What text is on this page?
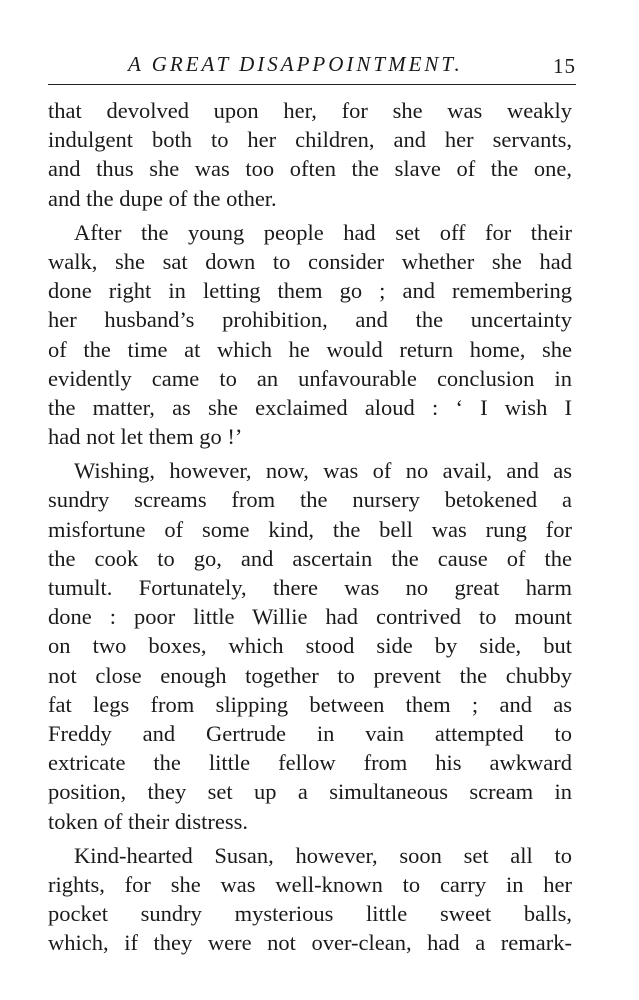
A GREAT DISAPPOINTMENT.	15
that devolved upon her, for she was weakly
indulgent both to her children, and her servants,
and thus she was too often the slave of the one,
and the dupe of the other.
After the young people had set off for their
walk, she sat down to consider whether she had
done right in letting them go ; and remembering
her husband’s prohibition, and the uncertainty
of the time at which he would return home, she
evidently came to an unfavourable conclusion in
the matter, as she exclaimed aloud : ‘ I wish I
had not let them go !’
Wishing, however, now, was of no avail, and as
sundry screams from the nursery betokened a
misfortune of some kind, the bell was rung for
the cook to go, and ascertain the cause of the
tumult. Fortunately, there was no great harm
done : poor little Willie had contrived to mount
on two boxes, which stood side by side, but
not close enough together to prevent the chubby
fat legs from slipping between them ; and as
Freddy and Gertrude in vain attempted to
extricate the little fellow from his awkward
position, they set up a simultaneous scream in
token of their distress.
Kind-hearted Susan, however, soon set all to
rights, for she was well-known to carry in her
pocket sundry mysterious little sweet balls,
which, if they were not over-clean, had a remark-
